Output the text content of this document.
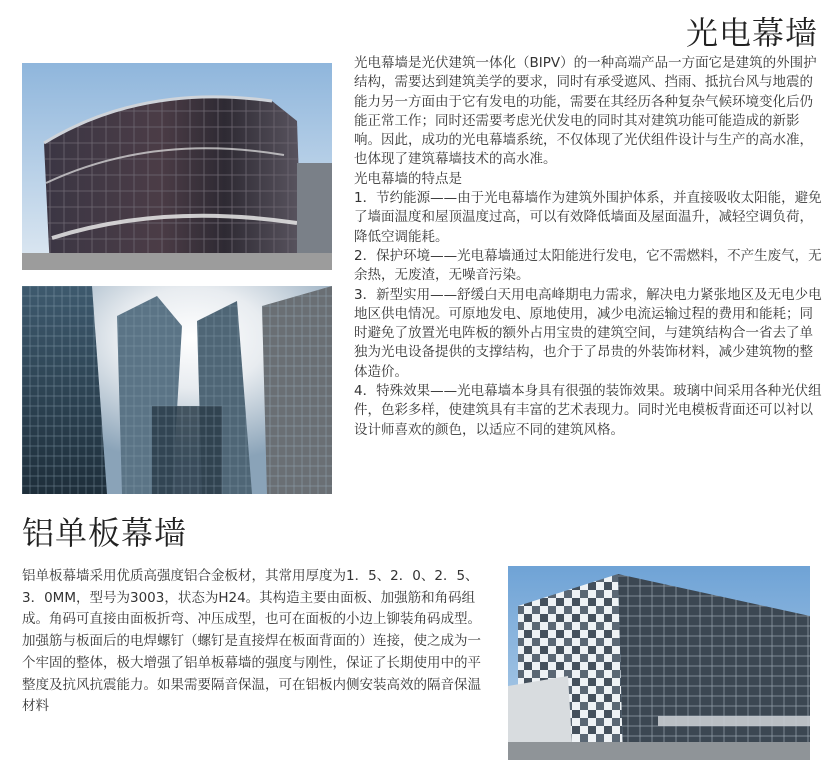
光电幕墙

光电幕墙是光伏建筑一体化（BIPV）的一种高端产品一方面它是建筑的外围护结构，需要达到建筑美学的要求，同时有承受遮风、挡雨、抵抗台风与地震的能力另一方面由于它有发电的功能，需要在其经历各种复杂气候环境变化后仍能正常工作；同时还需要考虑光伏发电的同时其对建筑功能可能造成的新影响。因此，成功的光电幕墙系统，不仅体现了光伏组件设计与生产的高水准，也体现了建筑幕墙技术的高水准。

光电幕墙的特点是

1．节约能源——由于光电幕墙作为建筑外围护体系，并直接吸收太阳能，避免了墙面温度和屋顶温度过高，可以有效降低墙面及屋面温升，减轻空调负荷，降低空调能耗。

2．保护环境——光电幕墙通过太阳能进行发电，它不需燃料，不产生废气，无余热，无废渣，无噪音污染。

3．新型实用——舒缓白天用电高峰期电力需求，解决电力紧张地区及无电少电地区供电情况。可原地发电、原地使用，减少电流运输过程的费用和能耗；同时避免了放置光电阵板的额外占用宝贵的建筑空间，与建筑结构合一省去了单独为光电设备提供的支撑结构，也介于了昂贵的外装饰材料，减少建筑物的整体造价。

4．特殊效果——光电幕墙本身具有很强的装饰效果。玻璃中间采用各种光伏组件，色彩多样，使建筑具有丰富的艺术表现力。同时光电模板背面还可以衬以设计师喜欢的颜色，以适应不同的建筑风格。

铝单板幕墙

铝单板幕墙采用优质高强度铝合金板材，其常用厚度为1．5、2．0、2．5、3．0MM，型号为3003，状态为H24。其构造主要由面板、加强筋和角码组成。角码可直接由面板折弯、冲压成型，也可在面板的小边上铆装角码成型。加强筋与板面后的电焊螺钉（螺钉是直接焊在板面背面的）连接，使之成为一个牢固的整体，极大增强了铝单板幕墙的强度与刚性，保证了长期使用中的平整度及抗风抗震能力。如果需要隔音保温，可在铝板内侧安装高效的隔音保温材料
